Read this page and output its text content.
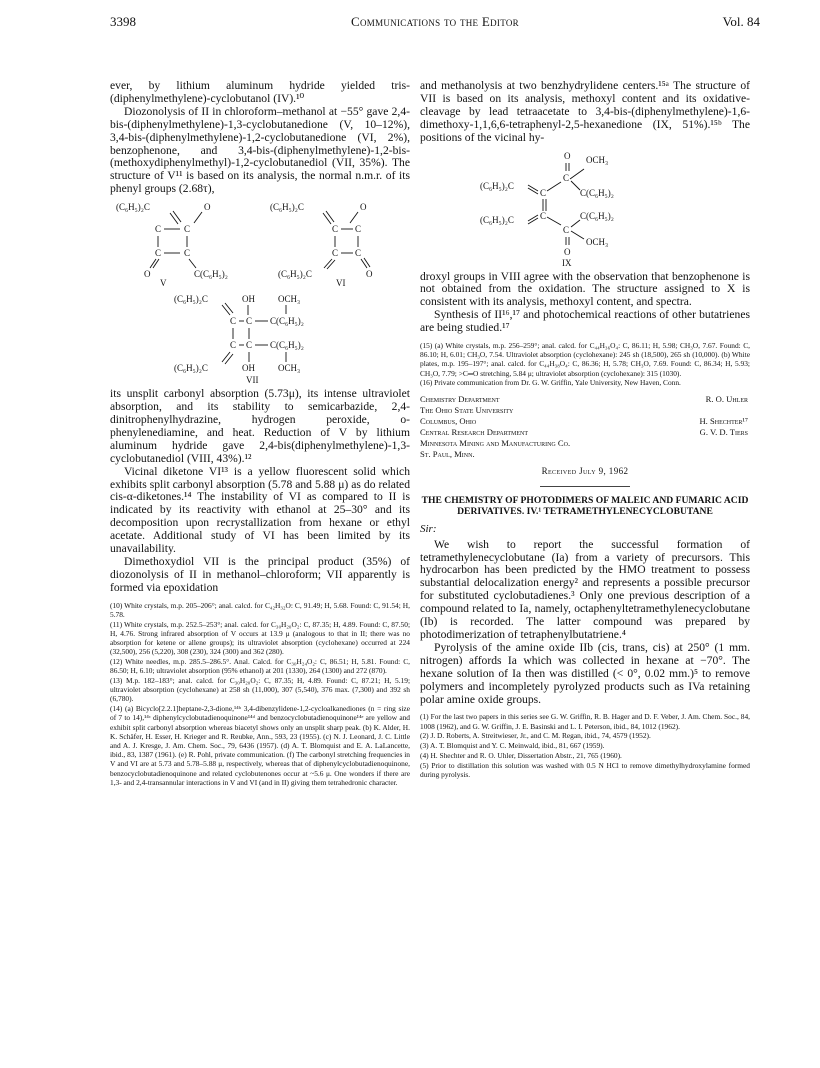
3398	Communications to the Editor	Vol. 84

ever, by lithium aluminum hydride yielded tris-(diphenylmethylene)-cyclobutanol (IV).¹⁰

Diozonolysis of II in chloroform–methanol at −55° gave 2,4-bis-(diphenylmethylene)-1,3-cyclobutanedione (V, 10–12%), 3,4-bis-(diphenylmethylene)-1,2-cyclobutanedione (VI, 2%), benzophenone, and 3,4-bis-(diphenylmethylene)-1,2-bis-(methoxydiphenylmethyl)-1,2-cyclobutanediol (VII, 35%). The structure of V¹¹ is based on its analysis, the normal n.m.r. of its phenyl groups (2.68τ),

(C₆H₅)₂C	O
C	C
C	C
O	C(C₆H₅)₂
(C₆H₅)₂C	O
C C
C C
(C₆H₅)₂C	O
V	VI
(C₆H₅)₂C	OH	OCH₃
C C C(C₆H₅)₂
C C C(C₆H₅)₂
(C₆H₅)₂C	OH	OCH₃
VII

its unsplit carbonyl absorption (5.73μ), its intense ultraviolet absorption, and its stability to semicarbazide, 2,4-dinitrophenylhydrazine, hydrogen peroxide, o-phenylenediamine, and heat. Reduction of V by lithium aluminum hydride gave 2,4-bis(diphenylmethylene)-1,3-cyclobutanediol (VIII, 43%).¹²

Vicinal diketone VI¹³ is a yellow fluorescent solid which exhibits split carbonyl absorption (5.78 and 5.88 μ) as do related cis-α-diketones.¹⁴ The instability of VI as compared to II is indicated by its reactivity with ethanol at 25–30° and its decomposition upon recrystallization from hexane or ethyl acetate. Additional study of VI has been limited by its unavailability.

Dimethoxydiol VII is the principal product (35%) of diozonolysis of II in methanol–chloroform; VII apparently is formed via epoxidation

(10) White crystals, m.p. 205–206°; anal. calcd. for C₄₂H₃₂O: C, 91.49; H, 5.68. Found: C, 91.54; H, 5.78.
(11) White crystals, m.p. 252.5–253°; anal. calcd. for C₃₀H₂₀O₂: C, 87.35; H, 4.89. Found: C, 87.50; H, 4.76. Strong infrared absorption of V occurs at 13.9 μ (analogous to that in II; there was no absorption for ketene or allene groups); its ultraviolet absorption (cyclohexane) occurred at 224 (32,500), 256 (5,220), 308 (230), 324 (300) and 362 (280).
(12) White needles, m.p. 285.5–286.5°. Anal. Calcd. for C₃₀H₂₄O₂: C, 86.51; H, 5.81. Found: C, 86.50; H, 6.10; ultraviolet absorption (95% ethanol) at 201 (1330), 264 (1300) and 272 (870).
(13) M.p. 182–183°; anal. calcd. for C₃₀H₂₀O₂: C, 87.35; H, 4.89. Found: C, 87.21; H, 5.19; ultraviolet absorption (cyclohexane) at 258 sh (11,000), 307 (5,540), 376 max. (7,300) and 392 sh (6,780).
(14) (a) Bicyclo[2.2.1]heptane-2,3-dione,¹⁴ᵇ 3,4-dibenzylidene-1,2-cycloalkanediones (n = ring size of 7 to 14),¹⁴ᶜ diphenylcyclobutadienoquinone¹⁴ᵈ and benzocyclobutadienoquinone¹⁴ᵉ are yellow and exhibit split carbonyl absorption whereas biacetyl shows only an unsplit sharp peak. (b) K. Alder, H. K. Schäfer, H. Esser, H. Krieger and R. Reubke, Ann., 593, 23 (1955). (c) N. J. Leonard, J. C. Little and A. J. Kresge, J. Am. Chem. Soc., 79, 6436 (1957). (d) A. T. Blomquist and E. A. LaLancette, ibid., 83, 1387 (1961). (e) R. Pohl, private communication. (f) The carbonyl stretching frequencies in V and VI are at 5.73 and 5.78–5.88 μ, respectively, whereas that of diphenylcyclobutadienoquinone, benzocyclobutadienoquinone and related cyclobutenones occur at ~5.6 μ. One wonders if there are 1,3- and 2,4-transannular interactions in V and VI (and in II) giving them tetrahedronic character.

and methanolysis at two benzhydrylidene centers.¹⁵ᵃ The structure of VII is based on its analysis, methoxyl content and its oxidative-cleavage by lead tetraacetate to 3,4-bis-(diphenylmethylene)-1,6-dimethoxy-1,1,6,6-tetraphenyl-2,5-hexanedione (IX, 51%).¹⁵ᵇ The positions of the vicinal hy-

O OCH₃
(C₆H₅)₂C
C
C
C(C₆H₅)₂
(C₆H₅)₂C	C
C
C(C₆H₅)₂
OCH₃
O
IX

droxyl groups in VIII agree with the observation that benzophenone is not obtained from the oxidation. The structure assigned to X is consistent with its analysis, methoxyl content, and spectra.

Synthesis of II¹⁶,¹⁷ and photochemical reactions of other butatrienes are being studied.¹⁷

(15) (a) White crystals, m.p. 256–259°; anal. calcd. for C₄₄H₃₆O₄: C, 86.11; H, 5.98; CH₃O, 7.67. Found: C, 86.10; H, 6.01; CH₃O, 7.54. Ultraviolet absorption (cyclohexane): 245 sh (18,500), 265 sh (10,000). (b) White plates, m.p. 195–197°; anal. calcd. for C₄₄H₃₈O₄: C, 86.36; H, 5.78; CH₃O, 7.69. Found: C, 86.34; H, 5.93; CH₃O, 7.79; >C═O stretching, 5.84 μ; ultraviolet absorption (cyclohexane): 315 (1030).
(16) Private communication from Dr. G. W. Griffin, Yale University, New Haven, Conn.
Chemistry Department	R. O. Uhler
The Ohio State University
Columbus, Ohio	H. Shechter¹⁷
Central Research Department	G. V. D. Tiers
Minnesota Mining and Manufacturing Co.
St. Paul, Minn.
Received July 9, 1962
THE CHEMISTRY OF PHOTODIMERS OF MALEIC AND FUMARIC ACID DERIVATIVES. IV.¹ TETRAMETHYLENECYCLOBUTANE
Sir:

We wish to report the successful formation of tetramethylenecyclobutane (Ia) from a variety of precursors. This hydrocarbon has been predicted by the HMO treatment to possess substantial delocalization energy² and represents a possible precursor for substituted cyclobutadienes.³ Only one previous description of a compound related to Ia, namely, octaphenyltetramethylenecyclobutane (Ib) is recorded. The latter compound was prepared by photodimerization of tetraphenylbutatriene.⁴

Pyrolysis of the amine oxide IIb (cis, trans, cis) at 250° (1 mm. nitrogen) affords Ia which was collected in hexane at −70°. The hexane solution of Ia then was distilled (< 0°, 0.02 mm.)⁵ to remove polymers and incompletely pyrolyzed products such as IVa retaining polar amine oxide groups.

(1) For the last two papers in this series see G. W. Griffin, R. B. Hager and D. F. Veber, J. Am. Chem. Soc., 84, 1008 (1962), and G. W. Griffin, J. E. Basinski and L. I. Peterson, ibid., 84, 1012 (1962).
(2) J. D. Roberts, A. Streitwieser, Jr., and C. M. Regan, ibid., 74, 4579 (1952).
(3) A. T. Blomquist and Y. C. Meinwald, ibid., 81, 667 (1959).
(4) H. Shechter and R. O. Uhler, Dissertation Abstr., 21, 765 (1960).
(5) Prior to distillation this solution was washed with 0.5 N HCl to remove dimethylhydroxylamine formed during pyrolysis.
